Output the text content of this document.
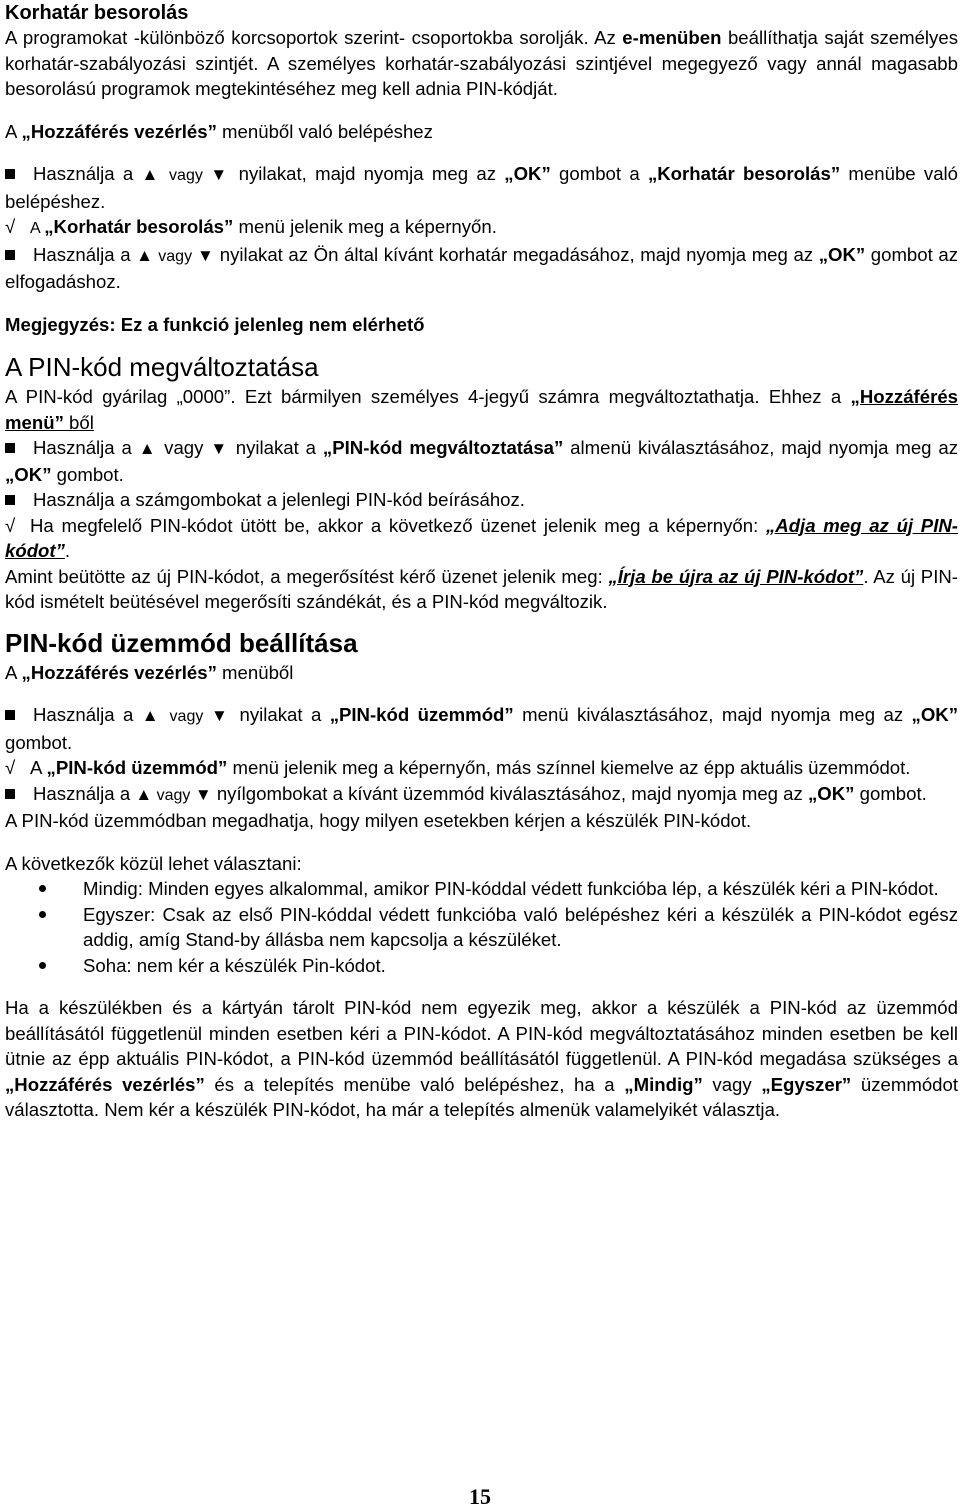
Korhatár besorolás

A programokat -különböző korcsoportok szerint- csoportokba sorolják. Az e-menüben beállíthatja saját személyes korhatár-szabályozási szintjét. A személyes korhatár-szabályozási szintjével megegyező vagy annál magasabb besorolású programok megtekintéséhez meg kell adnia PIN-kódját.

A „Hozzáférés vezérlés” menüből való belépéshez

Használja a ▲ vagy ▼ nyilakat, majd nyomja meg az „OK” gombot a „Korhatár besorolás” menübe való belépéshez.

√ A „Korhatár besorolás” menü jelenik meg a képernyőn.

Használja a ▲ vagy ▼ nyilakat az Ön által kívánt korhatár megadásához, majd nyomja meg az „OK” gombot az elfogadáshoz.

Megjegyzés: Ez a funkció jelenleg nem elérhető

A PIN-kód megváltoztatása

A PIN-kód gyárilag „0000”. Ezt bármilyen személyes 4-jegyű számra megváltoztathatja. Ehhez a „Hozzáférés menü” ből

Használja a ▲ vagy ▼ nyilakat a „PIN-kód megváltoztatása” almenü kiválasztásához, majd nyomja meg az „OK” gombot.

Használja a számgombokat a jelenlegi PIN-kód beírásához.

√ Ha megfelelő PIN-kódot ütött be, akkor a következő üzenet jelenik meg a képernyőn: „Adja meg az új PIN-kódot”.

Amint beütötte az új PIN-kódot, a megerősítést kérő üzenet jelenik meg: „Írja be újra az új PIN-kódot”. Az új PIN-kód ismételt beütésével megerősíti szándékát, és a PIN-kód megváltozik.

PIN-kód üzemmód beállítása

A „Hozzáférés vezérlés” menüből

Használja a ▲ vagy ▼ nyilakat a „PIN-kód üzemmód” menü kiválasztásához, majd nyomja meg az „OK” gombot.

√ A „PIN-kód üzemmód” menü jelenik meg a képernyőn, más színnel kiemelve az épp aktuális üzemmódot.

Használja a ▲ vagy ▼ nyílgombokat a kívánt üzemmód kiválasztásához, majd nyomja meg az „OK” gombot.

A PIN-kód üzemmódban megadhatja, hogy milyen esetekben kérjen a készülék PIN-kódot.

A következők közül lehet választani:

Mindig: Minden egyes alkalommal, amikor PIN-kóddal védett funkcióba lép, a készülék kéri a PIN-kódot.
Egyszer: Csak az első PIN-kóddal védett funkcióba való belépéshez kéri a készülék a PIN-kódot egész addig, amíg Stand-by állásba nem kapcsolja a készüléket.
Soha: nem kér a készülék Pin-kódot.

Ha a készülékben és a kártyán tárolt PIN-kód nem egyezik meg, akkor a készülék a PIN-kód az üzemmód beállításától függetlenül minden esetben kéri a PIN-kódot. A PIN-kód megváltoztatásához minden esetben be kell ütnie az épp aktuális PIN-kódot, a PIN-kód üzemmód beállításától függetlenül. A PIN-kód megadása szükséges a „Hozzáférés vezérlés” és a telepítés menübe való belépéshez, ha a „Mindig” vagy „Egyszer” üzemmódot választotta. Nem kér a készülék PIN-kódot, ha már a telepítés almenük valamelyikét választja.

15
